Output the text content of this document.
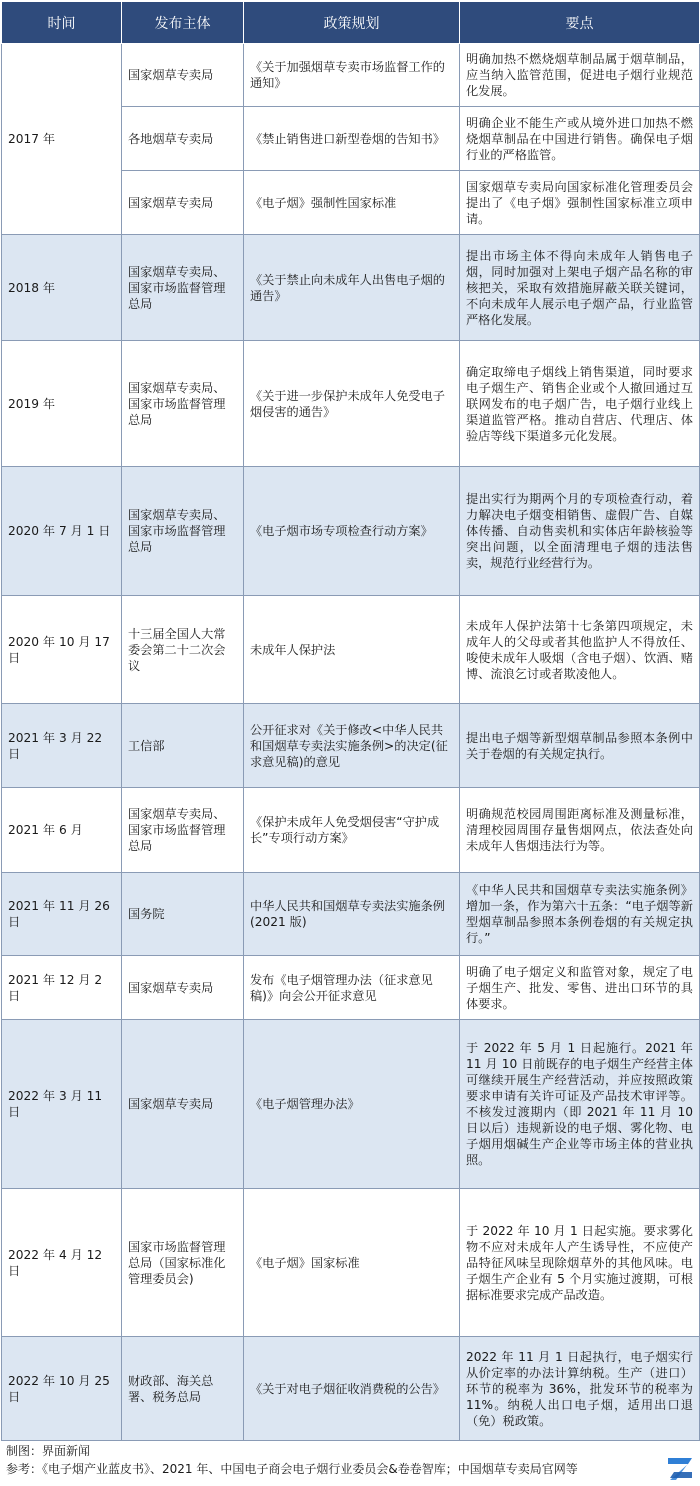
时间	发布主体	政策规划	要点
2017 年	国家烟草专卖局	《关于加强烟草专卖市场监督工作的通知》	明确加热不燃烧烟草制品属于烟草制品，应当纳入监管范围，促进电子烟行业规范化发展。
	各地烟草专卖局	《禁止销售进口新型卷烟的告知书》	明确企业不能生产或从境外进口加热不燃烧烟草制品在中国进行销售。确保电子烟行业的严格监管。
	国家烟草专卖局	《电子烟》强制性国家标准	国家烟草专卖局向国家标准化管理委员会提出了《电子烟》强制性国家标准立项申请。
2018 年	国家烟草专卖局、国家市场监督管理总局	《关于禁止向未成年人出售电子烟的通告》	提出市场主体不得向未成年人销售电子烟，同时加强对上架电子烟产品名称的审核把关，采取有效措施屏蔽关联关键词，不向未成年人展示电子烟产品，行业监管严格化发展。
2019 年	国家烟草专卖局、国家市场监督管理总局	《关于进一步保护未成年人免受电子烟侵害的通告》	确定取缔电子烟线上销售渠道，同时要求电子烟生产、销售企业或个人撤回通过互联网发布的电子烟广告，电子烟行业线上渠道监管严格。推动自营店、代理店、体验店等线下渠道多元化发展。
2020 年 7 月 1 日	国家烟草专卖局、国家市场监督管理总局	《电子烟市场专项检查行动方案》	提出实行为期两个月的专项检查行动，着力解决电子烟变相销售、虚假广告、自媒体传播、自动售卖机和实体店年龄核验等突出问题，以全面清理电子烟的违法售卖，规范行业经营行为。
2020 年 10 月 17 日	十三届全国人大常委会第二十二次会议	未成年人保护法	未成年人保护法第十七条第四项规定，未成年人的父母或者其他监护人不得放任、唆使未成年人吸烟（含电子烟）、饮酒、赌博、流浪乞讨或者欺凌他人。
2021 年 3 月 22 日	工信部	公开征求对《关于修改<中华人民共和国烟草专卖法实施条例>的决定(征求意见稿)的意见	提出电子烟等新型烟草制品参照本条例中关于卷烟的有关规定执行。
2021 年 6 月	国家烟草专卖局、国家市场监督管理总局	《保护未成年人免受烟侵害“守护成长”专项行动方案》	明确规范校园周围距离标准及测量标准，清理校园周围存量售烟网点，依法查处向未成年人售烟违法行为等。
2021 年 11 月 26 日	国务院	中华人民共和国烟草专卖法实施条例(2021 版)	《中华人民共和国烟草专卖法实施条例》增加一条，作为第六十五条：“电子烟等新型烟草制品参照本条例卷烟的有关规定执行。”
2021 年 12 月 2 日	国家烟草专卖局	发布《电子烟管理办法（征求意见稿)》向会公开征求意见	明确了电子烟定义和监管对象，规定了电子烟生产、批发、零售、进出口环节的具体要求。
2022 年 3 月 11 日	国家烟草专卖局	《电子烟管理办法》	于 2022 年 5 月 1 日起施行。2021 年 11 月 10 日前既存的电子烟生产经营主体可继续开展生产经营活动，并应按照政策要求申请有关许可证及产品技术审评等。不核发过渡期内（即 2021 年 11 月 10 日以后）违规新设的电子烟、雾化物、电子烟用烟碱生产企业等市场主体的营业执照。
2022 年 4 月 12 日	国家市场监督管理总局（国家标准化管理委员会)	《电子烟》国家标准	于 2022 年 10 月 1 日起实施。要求雾化物不应对未成年人产生诱导性，不应使产品特征风味呈现除烟草外的其他风味。电子烟生产企业有 5 个月实施过渡期，可根据标准要求完成产品改造。
2022 年 10 月 25 日	财政部、海关总署、税务总局	《关于对电子烟征收消费税的公告》	2022 年 11 月 1 日起执行，电子烟实行从价定率的办法计算纳税。生产（进口）环节的税率为 36%，批发环节的税率为 11%。纳税人出口电子烟，适用出口退（免）税政策。
制图：界面新闻
参考：《电子烟产业蓝皮书》、2021 年、中国电子商会电子烟行业委员会&卷卷智库；中国烟草专卖局官网等
